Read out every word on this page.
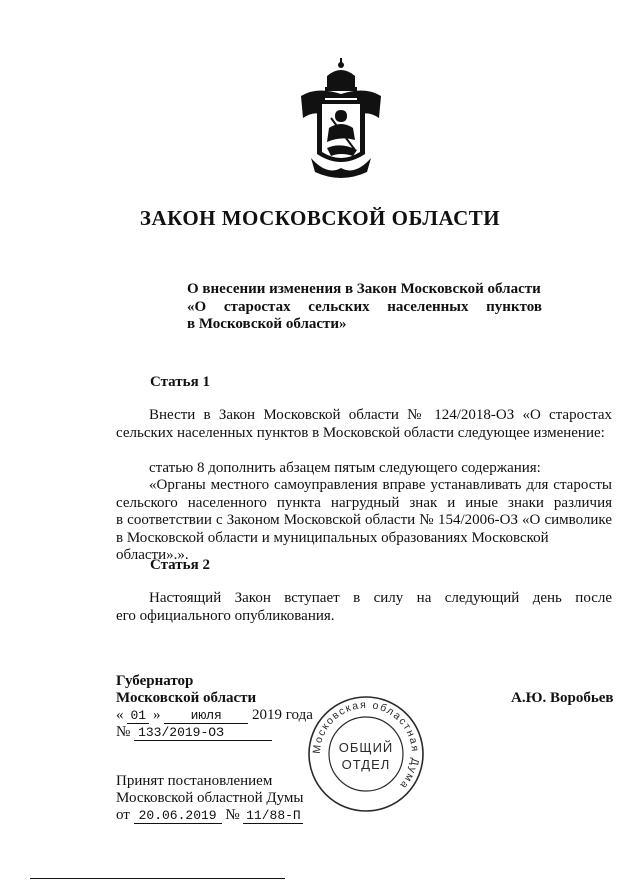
ЗАКОН МОСКОВСКОЙ ОБЛАСТИ

О внесении изменения в Закон Московской области

«О старостах сельских населенных пунктов

в Московской области»

Статья 1

Внести в Закон Московской области № 124/2018-ОЗ «О старостах

сельских населенных пунктов в Московской области следующее изменение:

статью 8 дополнить абзацем пятым следующего содержания:

«Органы местного самоуправления вправе устанавливать для старосты

сельского населенного пункта нагрудный знак и иные знаки различия

в соответствии с Законом Московской области № 154/2006-ОЗ «О символике

в Московской области и муниципальных образованиях Московской области».».

Статья 2

Настоящий Закон вступает в силу на следующий день после

его официального опубликования.

Губернатор
Московской области	А.Ю. Воробьев
« 01 » июля 2019 года
№ 133/2019-ОЗ
Принят постановлением
Московской областной Думы
от 20.06.2019 № 11/88-П
Московская областная Дума
ОБЩИЙ
ОТДЕЛ
